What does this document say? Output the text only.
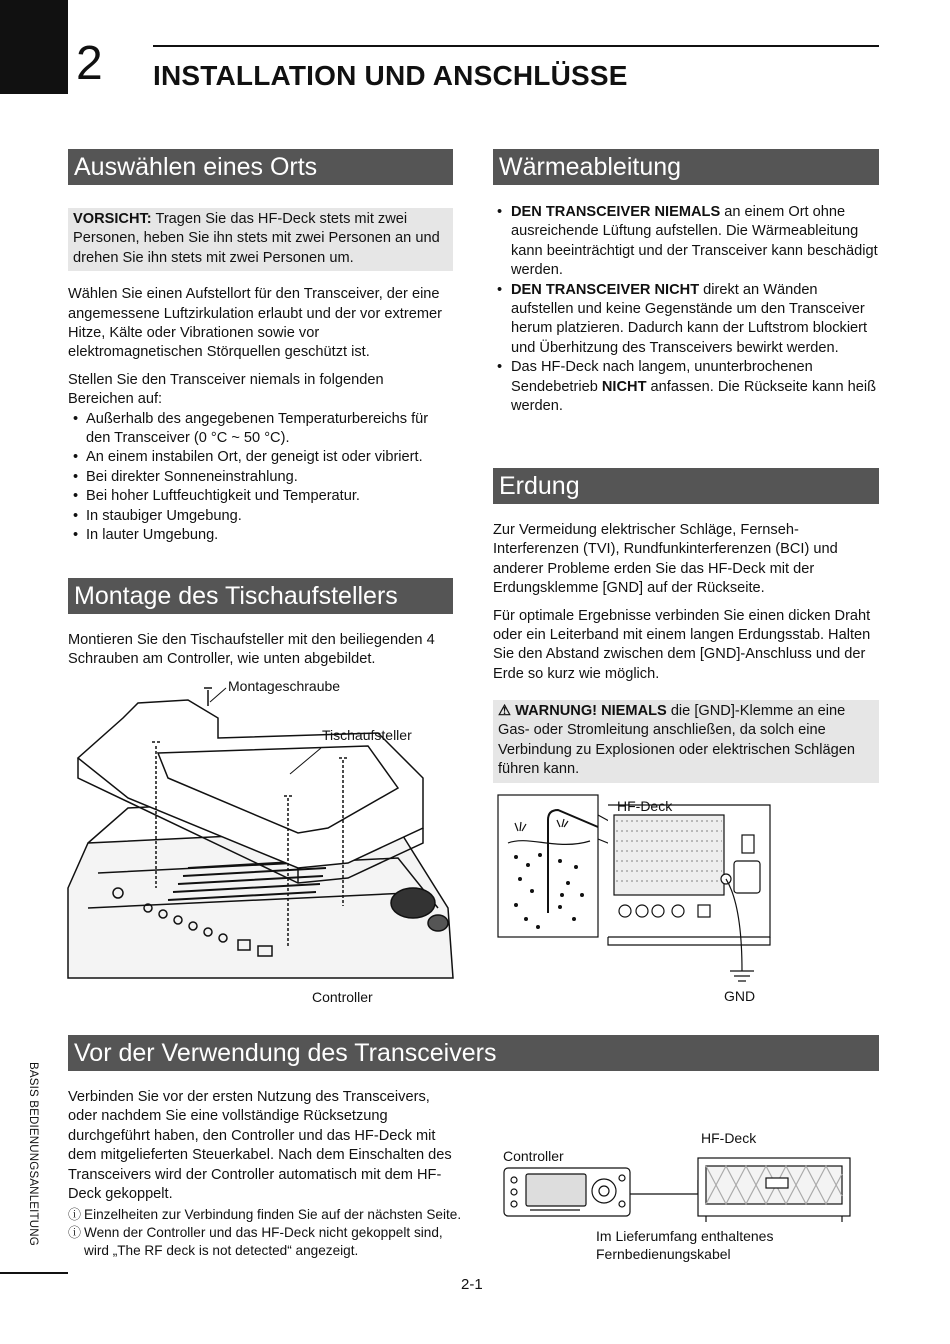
2 INSTALLATION UND ANSCHLÜSSE
Auswählen eines Orts
VORSICHT: Tragen Sie das HF-Deck stets mit zwei Personen, heben Sie ihn stets mit zwei Personen an und drehen Sie ihn stets mit zwei Personen um.

Wählen Sie einen Aufstellort für den Transceiver, der eine angemessene Luftzirkulation erlaubt und der vor extremer Hitze, Kälte oder Vibrationen sowie vor elektromagnetischen Störquellen geschützt ist.

Stellen Sie den Transceiver niemals in folgenden Bereichen auf:

• Außerhalb des angegebenen Temperaturbereichs für den Transceiver (0 °C ~ 50 °C).
• An einem instabilen Ort, der geneigt ist oder vibriert.
• Bei direkter Sonneneinstrahlung.
• Bei hoher Luftfeuchtigkeit und Temperatur.
• In staubiger Umgebung.
• In lauter Umgebung.
Montage des Tischaufstellers
Montieren Sie den Tischaufsteller mit den beiliegenden 4 Schrauben am Controller, wie unten abgebildet.
Montageschraube
Tischaufsteller
Controller
Wärmeableitung
• DEN TRANSCEIVER NIEMALS an einem Ort ohne ausreichende Lüftung aufstellen. Die Wärmeableitung kann beeinträchtigt und der Transceiver kann beschädigt werden.
• DEN TRANSCEIVER NICHT direkt an Wänden aufstellen und keine Gegenstände um den Transceiver herum platzieren. Dadurch kann der Luftstrom blockiert und Überhitzung des Transceivers bewirkt werden.
• Das HF-Deck nach langem, ununterbrochenen Sendebetrieb NICHT anfassen. Die Rückseite kann heiß werden.
Erdung

Zur Vermeidung elektrischer Schläge, Fernseh-Interferenzen (TVI), Rundfunkinterferenzen (BCI) und anderer Probleme erden Sie das HF-Deck mit der Erdungsklemme [GND] auf der Rückseite.

Für optimale Ergebnisse verbinden Sie einen dicken Draht oder ein Leiterband mit einem langen Erdungsstab. Halten Sie den Abstand zwischen dem [GND]-Anschluss und der Erde so kurz wie möglich.

⚠ WARNUNG! NIEMALS die [GND]-Klemme an eine Gas- oder Stromleitung anschließen, da solch eine Verbindung zu Explosionen oder elektrischen Schlägen führen kann.
HF-Deck
GND
Vor der Verwendung des Transceivers

Verbinden Sie vor der ersten Nutzung des Transceivers, oder nachdem Sie eine vollständige Rücksetzung durchgeführt haben, den Controller und das HF-Deck mit dem mitgelieferten Steuerkabel. Nach dem Einschalten des Transceivers wird der Controller automatisch mit dem HF-Deck gekoppelt.

ⓘ Einzelheiten zur Verbindung finden Sie auf der nächsten Seite.
ⓘ Wenn der Controller und das HF-Deck nicht gekoppelt sind, wird „The RF deck is not detected“ angezeigt.
Controller
HF-Deck
Im Lieferumfang enthaltenes Fernbedienungskabel
BASIS BEDIENUNGSANLEITUNG
2-1
